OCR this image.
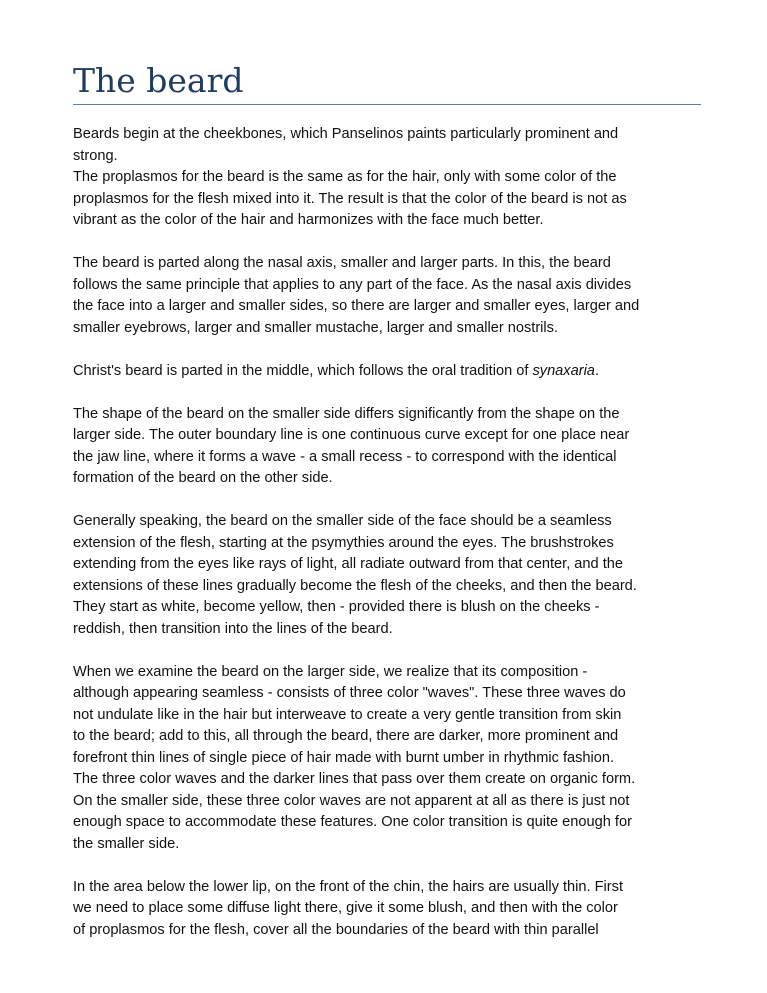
The beard

Beards begin at the cheekbones, which Panselinos paints particularly prominent and
strong.
The proplasmos for the beard is the same as for the hair, only with some color of the
proplasmos for the flesh mixed into it. The result is that the color of the beard is not as
vibrant as the color of the hair and harmonizes with the face much better.

The beard is parted along the nasal axis, smaller and larger parts. In this, the beard
follows the same principle that applies to any part of the face. As the nasal axis divides
the face into a larger and smaller sides, so there are larger and smaller eyes, larger and
smaller eyebrows, larger and smaller mustache, larger and smaller nostrils.

Christ's beard is parted in the middle, which follows the oral tradition of synaxaria.

The shape of the beard on the smaller side differs significantly from the shape on the
larger side. The outer boundary line is one continuous curve except for one place near
the jaw line, where it forms a wave - a small recess - to correspond with the identical
formation of the beard on the other side.

Generally speaking, the beard on the smaller side of the face should be a seamless
extension of the flesh, starting at the psymythies around the eyes. The brushstrokes
extending from the eyes like rays of light, all radiate outward from that center, and the
extensions of these lines gradually become the flesh of the cheeks, and then the beard.
They start as white, become yellow, then - provided there is blush on the cheeks -
reddish, then transition into the lines of the beard.

When we examine the beard on the larger side, we realize that its composition -
although appearing seamless - consists of three color "waves". These three waves do
not undulate like in the hair but interweave to create a very gentle transition from skin
to the beard; add to this, all through the beard, there are darker, more prominent and
forefront thin lines of single piece of hair made with burnt umber in rhythmic fashion.
The three color waves and the darker lines that pass over them create on organic form.
On the smaller side, these three color waves are not apparent at all as there is just not
enough space to accommodate these features. One color transition is quite enough for
the smaller side.

In the area below the lower lip, on the front of the chin, the hairs are usually thin. First
we need to place some diffuse light there, give it some blush, and then with the color
of proplasmos for the flesh, cover all the boundaries of the beard with thin parallel
